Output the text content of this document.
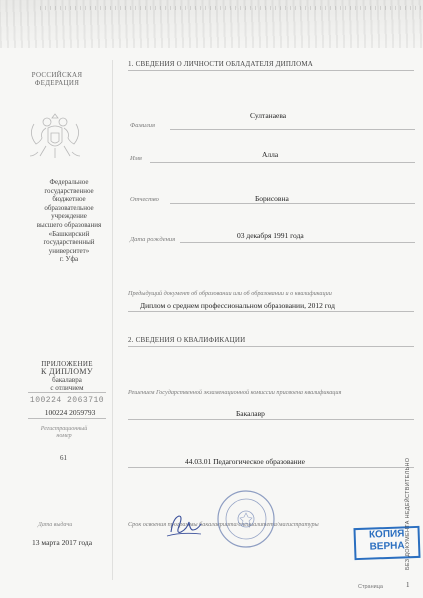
РОССИЙСКАЯ
ФЕДЕРАЦИЯ
Федеральное
государственное
бюджетное
образовательное
учреждение
высшего образования
«Башкирский
государственный
университет»
г. Уфа
ПРИЛОЖЕНИЕ
К ДИПЛОМУ
бакалавра
с отличием
100224 2063710
100224 2059793
Регистрационный
номер
61
Дата выдачи
13 марта 2017 года
1. СВЕДЕНИЯ О ЛИЧНОСТИ ОБЛАДАТЕЛЯ ДИПЛОМА
Фамилия
Султанаева
Имя	Алла
Отчество	Борисовна
Дата рождения	03 декабря 1991 года
Предыдущий документ об образовании или об образовании и о квалификации
Диплом о среднем профессиональном образовании, 2012 год
2. СВЕДЕНИЯ О КВАЛИФИКАЦИИ
Решением Государственной экзаменационной комиссии присвоена квалификация
Бакалавр
44.03.01 Педагогическое образование
Срок освоения программы бакалавриата/специалитета/магистратуры
КОПИЯ
ВЕРНА БЕЗ ДОКУМЕНТА НЕДЕЙСТВИТЕЛЬНО
Страница	1
